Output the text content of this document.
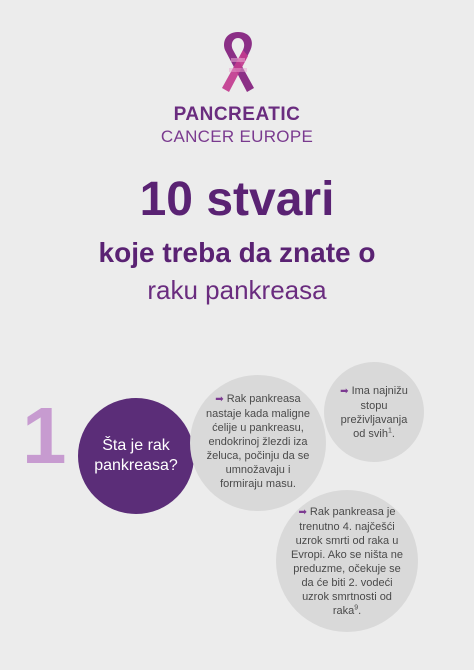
PANCREATIC
CANCER EUROPE
10 stvari
koje treba da znate o
raku pankreasa
1	Šta je rak pankreasa?
➡ Rak pankreasa nastaje kada maligne ćelije u pankreasu, endokrinoj žlezdi iza želuca, počinju da se umnožavaju i formiraju masu.
➡ Ima najnižu stopu preživljavanja od svih$^1$.
➡ Rak pankreasa je trenutno 4. najčešći uzrok smrti od raka u Evropi. Ako se ništa ne preduzme, očekuje se da će biti 2. vodeći uzrok smrtnosti od raka$^9$.
